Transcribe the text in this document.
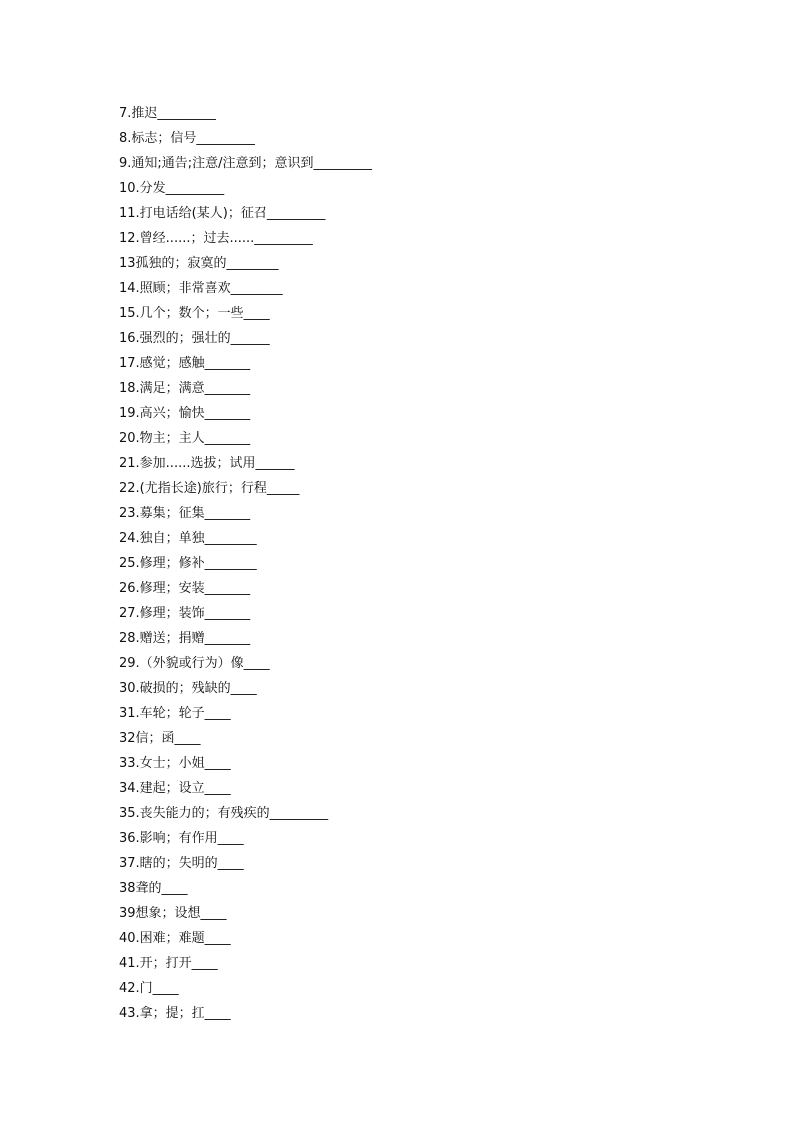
7.推迟_________
8.标志；信号_________
9.通知;通告;注意/注意到；意识到_________
10.分发_________
11.打电话给(某人)；征召_________
12.曾经......；过去......_________
13孤独的；寂寞的________
14.照顾；非常喜欢________
15.几个；数个；一些____
16.强烈的；强壮的______
17.感觉；感触_______
18.满足；满意_______
19.高兴；愉快_______
20.物主；主人_______
21.参加......选拔；试用______
22.(尤指长途)旅行；行程_____
23.募集；征集_______
24.独自；单独________
25.修理；修补________
26.修理；安装_______
27.修理；装饰_______
28.赠送；捐赠_______
29.（外貌或行为）像____
30.破损的；残缺的____
31.车轮；轮子____
32信；函____
33.女士；小姐____
34.建起；设立____
35.丧失能力的；有残疾的_________
36.影响；有作用____
37.瞎的；失明的____
38聋的____
39想象；设想____
40.困难；难题____
41.开；打开____
42.门____
43.拿；提；扛____
